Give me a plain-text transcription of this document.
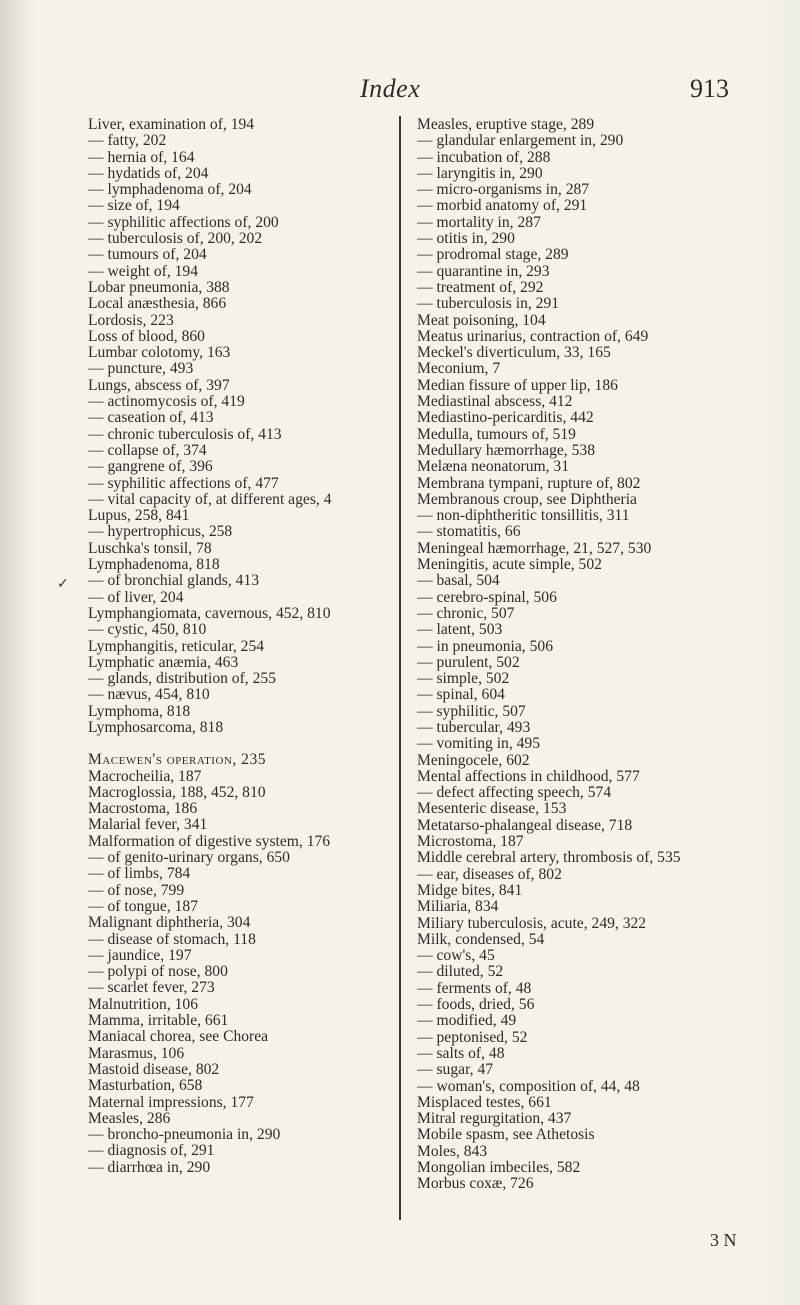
Index	913
✓
Liver, examination of, 194
— fatty, 202
— hernia of, 164
— hydatids of, 204
— lymphadenoma of, 204
— size of, 194
— syphilitic affections of, 200
— tuberculosis of, 200, 202
— tumours of, 204
— weight of, 194
Lobar pneumonia, 388
Local anæsthesia, 866
Lordosis, 223
Loss of blood, 860
Lumbar colotomy, 163
— puncture, 493
Lungs, abscess of, 397
— actinomycosis of, 419
— caseation of, 413
— chronic tuberculosis of, 413
— collapse of, 374
— gangrene of, 396
— syphilitic affections of, 477
— vital capacity of, at different ages, 4
Lupus, 258, 841
— hypertrophicus, 258
Luschka's tonsil, 78
Lymphadenoma, 818
— of bronchial glands, 413
— of liver, 204
Lymphangiomata, cavernous, 452, 810
— cystic, 450, 810
Lymphangitis, reticular, 254
Lymphatic anæmia, 463
— glands, distribution of, 255
— nævus, 454, 810
Lymphoma, 818
Lymphosarcoma, 818
Macewen's operation, 235
Macrocheilia, 187
Macroglossia, 188, 452, 810
Macrostoma, 186
Malarial fever, 341
Malformation of digestive system, 176
— of genito-urinary organs, 650
— of limbs, 784
— of nose, 799
— of tongue, 187
Malignant diphtheria, 304
— disease of stomach, 118
— jaundice, 197
— polypi of nose, 800
— scarlet fever, 273
Malnutrition, 106
Mamma, irritable, 661
Maniacal chorea, see Chorea
Marasmus, 106
Mastoid disease, 802
Masturbation, 658
Maternal impressions, 177
Measles, 286
— broncho-pneumonia in, 290
— diagnosis of, 291
— diarrhœa in, 290
Measles, eruptive stage, 289
— glandular enlargement in, 290
— incubation of, 288
— laryngitis in, 290
— micro-organisms in, 287
— morbid anatomy of, 291
— mortality in, 287
— otitis in, 290
— prodromal stage, 289
— quarantine in, 293
— treatment of, 292
— tuberculosis in, 291
Meat poisoning, 104
Meatus urinarius, contraction of, 649
Meckel's diverticulum, 33, 165
Meconium, 7
Median fissure of upper lip, 186
Mediastinal abscess, 412
Mediastino-pericarditis, 442
Medulla, tumours of, 519
Medullary hæmorrhage, 538
Melæna neonatorum, 31
Membrana tympani, rupture of, 802
Membranous croup, see Diphtheria
— non-diphtheritic tonsillitis, 311
— stomatitis, 66
Meningeal hæmorrhage, 21, 527, 530
Meningitis, acute simple, 502
— basal, 504
— cerebro-spinal, 506
— chronic, 507
— latent, 503
— in pneumonia, 506
— purulent, 502
— simple, 502
— spinal, 604
— syphilitic, 507
— tubercular, 493
— vomiting in, 495
Meningocele, 602
Mental affections in childhood, 577
— defect affecting speech, 574
Mesenteric disease, 153
Metatarso-phalangeal disease, 718
Microstoma, 187
Middle cerebral artery, thrombosis of, 535
— ear, diseases of, 802
Midge bites, 841
Miliaria, 834
Miliary tuberculosis, acute, 249, 322
Milk, condensed, 54
— cow's, 45
— diluted, 52
— ferments of, 48
— foods, dried, 56
— modified, 49
— peptonised, 52
— salts of, 48
— sugar, 47
— woman's, composition of, 44, 48
Misplaced testes, 661
Mitral regurgitation, 437
Mobile spasm, see Athetosis
Moles, 843
Mongolian imbeciles, 582
Morbus coxæ, 726
3 N
